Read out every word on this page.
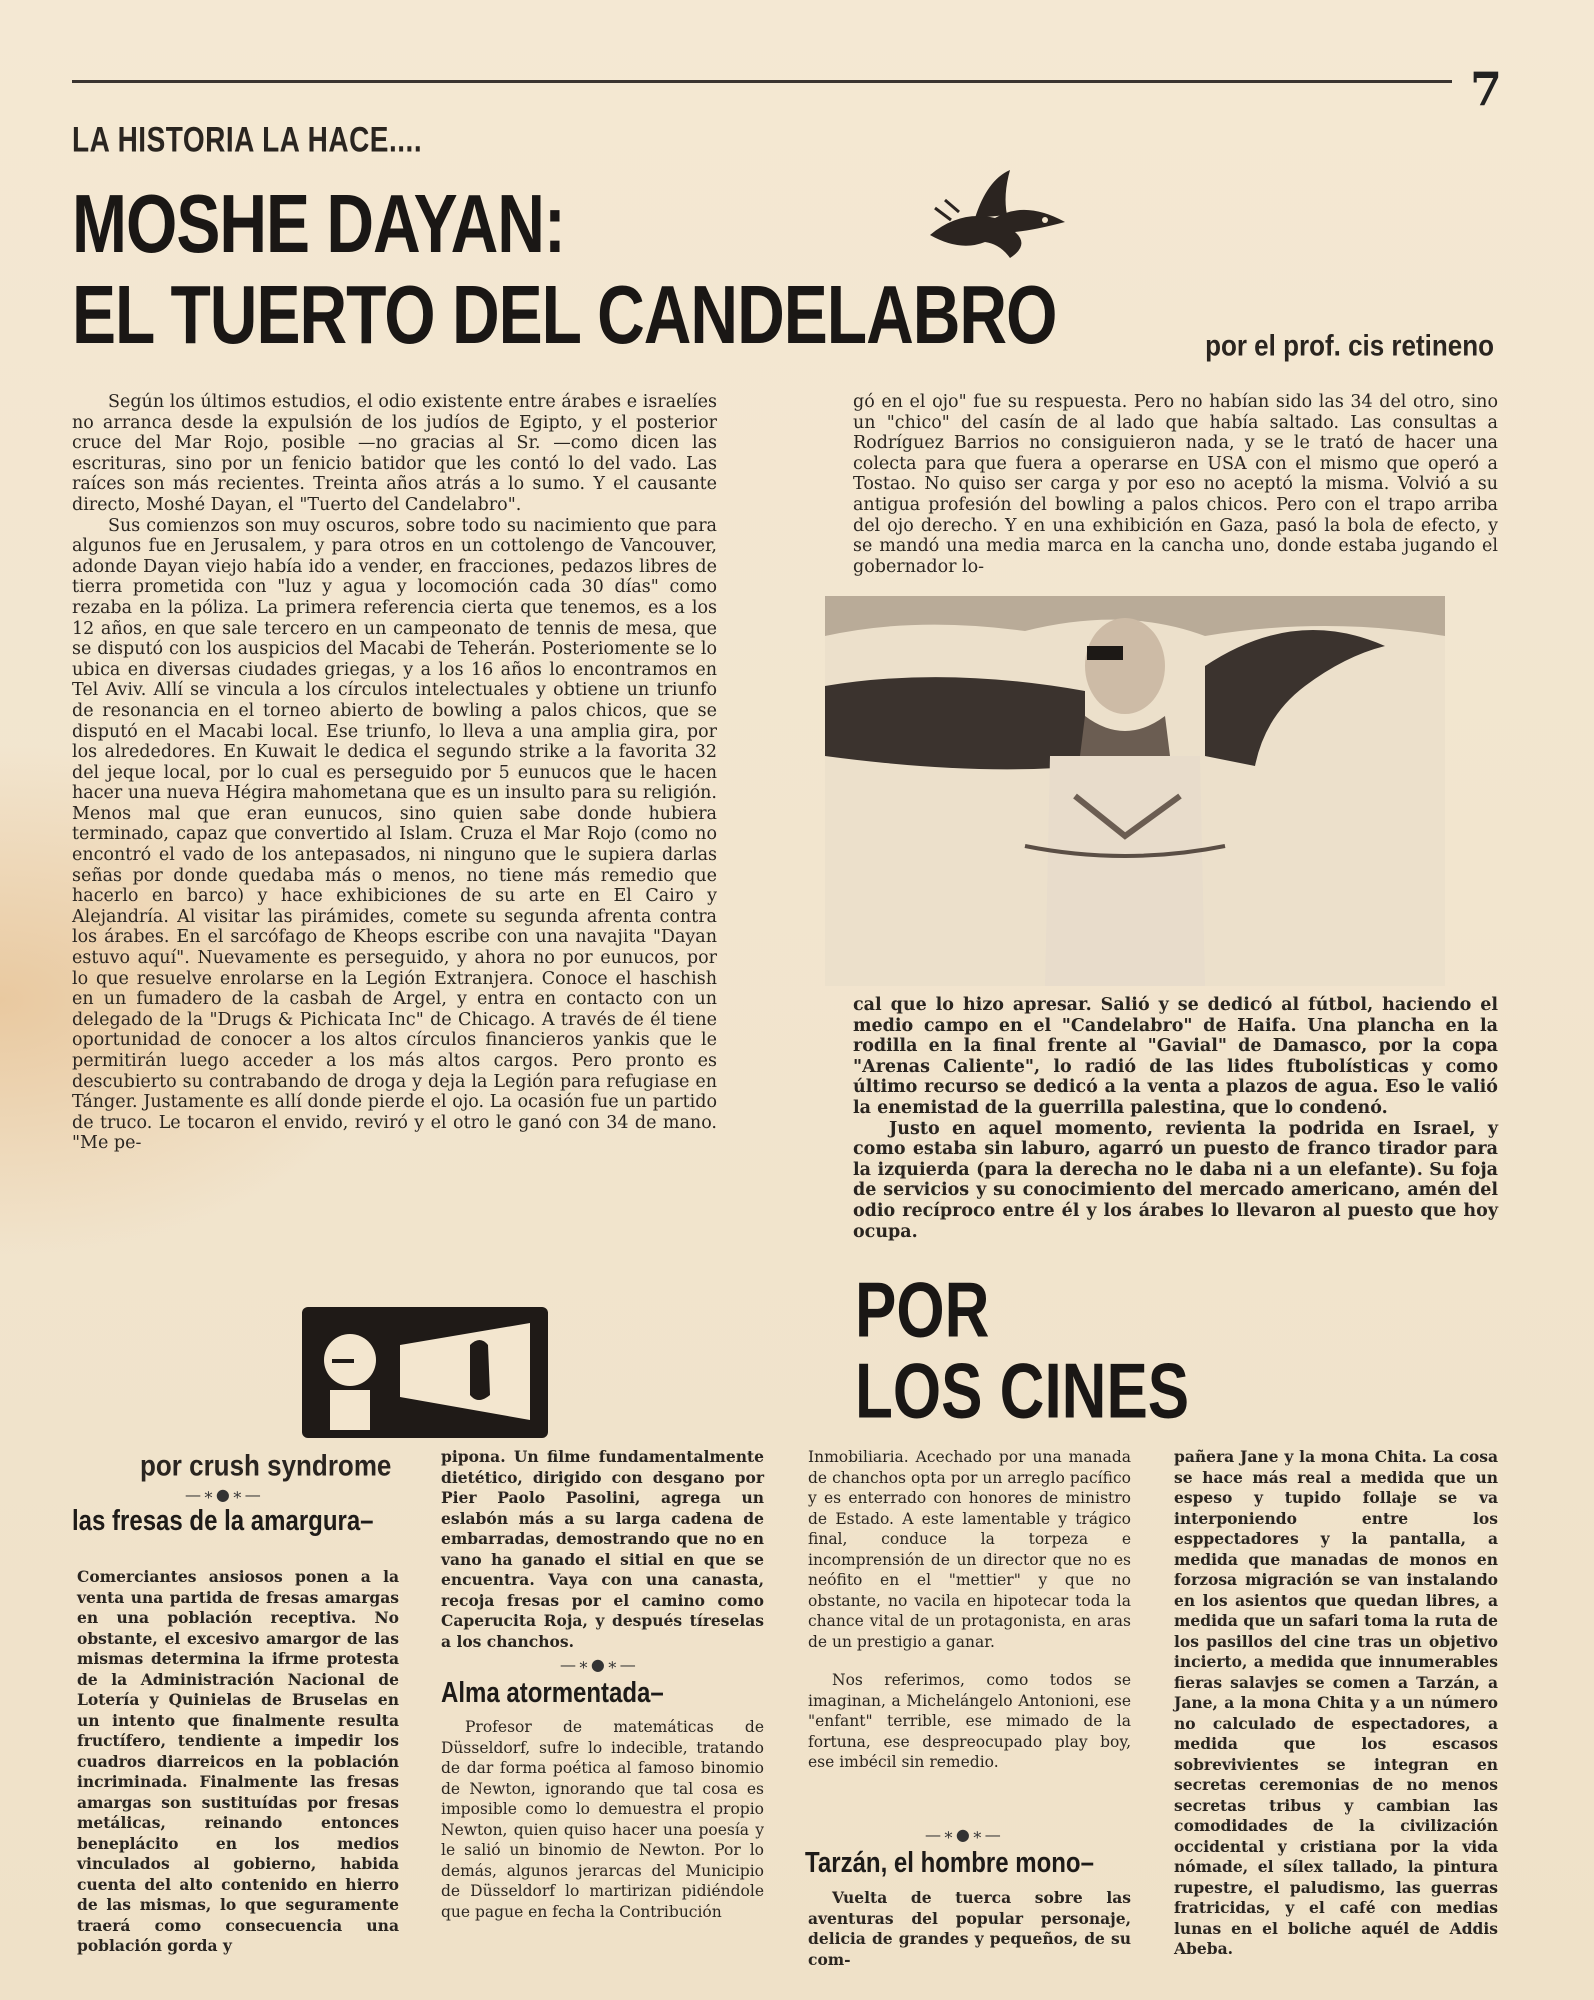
7
LA HISTORIA LA HACE....
MOSHE DAYAN:
EL TUERTO DEL CANDELABRO	por el prof. cis retineno

Según los últimos estudios, el odio existente entre árabes e israelíes no arranca desde la expulsión de los judíos de Egipto, y el posterior cruce del Mar Rojo, posible —no gracias al Sr. —como dicen las escrituras, sino por un fenicio batidor que les contó lo del vado. Las raíces son más recientes. Treinta años atrás a lo sumo. Y el causante directo, Moshé Dayan, el "Tuerto del Candelabro".

Sus comienzos son muy oscuros, sobre todo su nacimiento que para algunos fue en Jerusalem, y para otros en un cottolengo de Vancouver, adonde Dayan viejo había ido a vender, en fracciones, pedazos libres de tierra prometida con "luz y agua y locomoción cada 30 días" como rezaba en la póliza. La primera referencia cierta que tenemos, es a los 12 años, en que sale tercero en un campeonato de tennis de mesa, que se disputó con los auspicios del Macabi de Teherán. Posteriomente se lo ubica en diversas ciudades griegas, y a los 16 años lo encontramos en Tel Aviv. Allí se vincula a los círculos intelectuales y obtiene un triunfo de resonancia en el torneo abierto de bowling a palos chicos, que se disputó en el Macabi local. Ese triunfo, lo lleva a una amplia gira, por los alrededores. En Kuwait le dedica el segundo strike a la favorita 32 del jeque local, por lo cual es perseguido por 5 eunucos que le hacen hacer una nueva Hégira mahometana que es un insulto para su religión. Menos mal que eran eunucos, sino quien sabe donde hubiera terminado, capaz que convertido al Islam. Cruza el Mar Rojo (como no encontró el vado de los antepasados, ni ninguno que le supiera darlas señas por donde quedaba más o menos, no tiene más remedio que hacerlo en barco) y hace exhibiciones de su arte en El Cairo y Alejandría. Al visitar las pirámides, comete su segunda afrenta contra los árabes. En el sarcófago de Kheops escribe con una navajita "Dayan estuvo aquí". Nuevamente es perseguido, y ahora no por eunucos, por lo que resuelve enrolarse en la Legión Extranjera. Conoce el haschish en un fumadero de la casbah de Argel, y entra en contacto con un delegado de la "Drugs & Pichicata Inc" de Chicago. A través de él tiene oportunidad de conocer a los altos círculos financieros yankis que le permitirán luego acceder a los más altos cargos. Pero pronto es descubierto su contrabando de droga y deja la Legión para refugiase en Tánger. Justamente es allí donde pierde el ojo. La ocasión fue un partido de truco. Le tocaron el envido, reviró y el otro le ganó con 34 de mano. "Me pe-

gó en el ojo" fue su respuesta. Pero no habían sido las 34 del otro, sino un "chico" del casín de al lado que había saltado. Las consultas a Rodríguez Barrios no consiguieron nada, y se le trató de hacer una colecta para que fuera a operarse en USA con el mismo que operó a Tostao. No quiso ser carga y por eso no aceptó la misma. Volvió a su antigua profesión del bowling a palos chicos. Pero con el trapo arriba del ojo derecho. Y en una exhibición en Gaza, pasó la bola de efecto, y se mandó una media marca en la cancha uno, donde estaba jugando el gobernador lo-

cal que lo hizo apresar. Salió y se dedicó al fútbol, haciendo el medio campo en el "Candelabro" de Haifa. Una plancha en la rodilla en la final frente al "Gavial" de Damasco, por la copa "Arenas Caliente", lo radió de las lides ftubolísticas y como último recurso se dedicó a la venta a plazos de agua. Eso le valió la enemistad de la guerrilla palestina, que lo condenó.

Justo en aquel momento, revienta la podrida en Israel, y como estaba sin laburo, agarró un puesto de franco tirador para la izquierda (para la derecha no le daba ni a un elefante). Su foja de servicios y su conocimiento del mercado americano, amén del odio recíproco entre él y los árabes lo llevaron al puesto que hoy ocupa.

POR
LOS CINES
por crush syndrome
—∗●∗—
las fresas de la amargura–

Comerciantes ansiosos ponen a la venta una partida de fresas amargas en una población receptiva. No obstante, el excesivo amargor de las mismas determina la ifrme protesta de la Administración Nacional de Lotería y Quinielas de Bruselas en un intento que finalmente resulta fructífero, tendiente a impedir los cuadros diarreicos en la población incriminada. Finalmente las fresas amargas son sustituídas por fresas metálicas, reinando entonces beneplácito en los medios vinculados al gobierno, habida cuenta del alto contenido en hierro de las mismas, lo que seguramente traerá como consecuencia una población gorda y

pipona. Un filme fundamentalmente dietético, dirigido con desgano por Pier Paolo Pasolini, agrega un eslabón más a su larga cadena de embarradas, demostrando que no en vano ha ganado el sitial en que se encuentra. Vaya con una canasta, recoja fresas por el camino como Caperucita Roja, y después tíreselas a los chanchos.

—∗●∗—
Alma atormentada–

Profesor de matemáticas de Düsseldorf, sufre lo indecible, tratando de dar forma poética al famoso binomio de Newton, ignorando que tal cosa es imposible como lo demuestra el propio Newton, quien quiso hacer una poesía y le salió un binomio de Newton. Por lo demás, algunos jerarcas del Municipio de Düsseldorf lo martirizan pidiéndole que pague en fecha la Contribución

Inmobiliaria. Acechado por una manada de chanchos opta por un arreglo pacífico y es enterrado con honores de ministro de Estado. A este lamentable y trágico final, conduce la torpeza e incomprensión de un director que no es neófito en el "mettier" y que no obstante, no vacila en hipotecar toda la chance vital de un protagonista, en aras de un prestigio a ganar.

Nos referimos, como todos se imaginan, a Michelángelo Antonioni, ese "enfant" terrible, ese mimado de la fortuna, ese despreocupado play boy, ese imbécil sin remedio.

—∗●∗—
Tarzán, el hombre mono–

Vuelta de tuerca sobre las aventuras del popular personaje, delicia de grandes y pequeños, de su com-

pañera Jane y la mona Chita. La cosa se hace más real a medida que un espeso y tupido follaje se va interponiendo entre los esppectadores y la pantalla, a medida que manadas de monos en forzosa migración se van instalando en los asientos que quedan libres, a medida que un safari toma la ruta de los pasillos del cine tras un objetivo incierto, a medida que innumerables fieras salavjes se comen a Tarzán, a Jane, a la mona Chita y a un número no calculado de espectadores, a medida que los escasos sobrevivientes se integran en secretas ceremonias de no menos secretas tribus y cambian las comodidades de la civilización occidental y cristiana por la vida nómade, el sílex tallado, la pintura rupestre, el paludismo, las guerras fratricidas, y el café con medias lunas en el boliche aquél de Addis Abeba.
